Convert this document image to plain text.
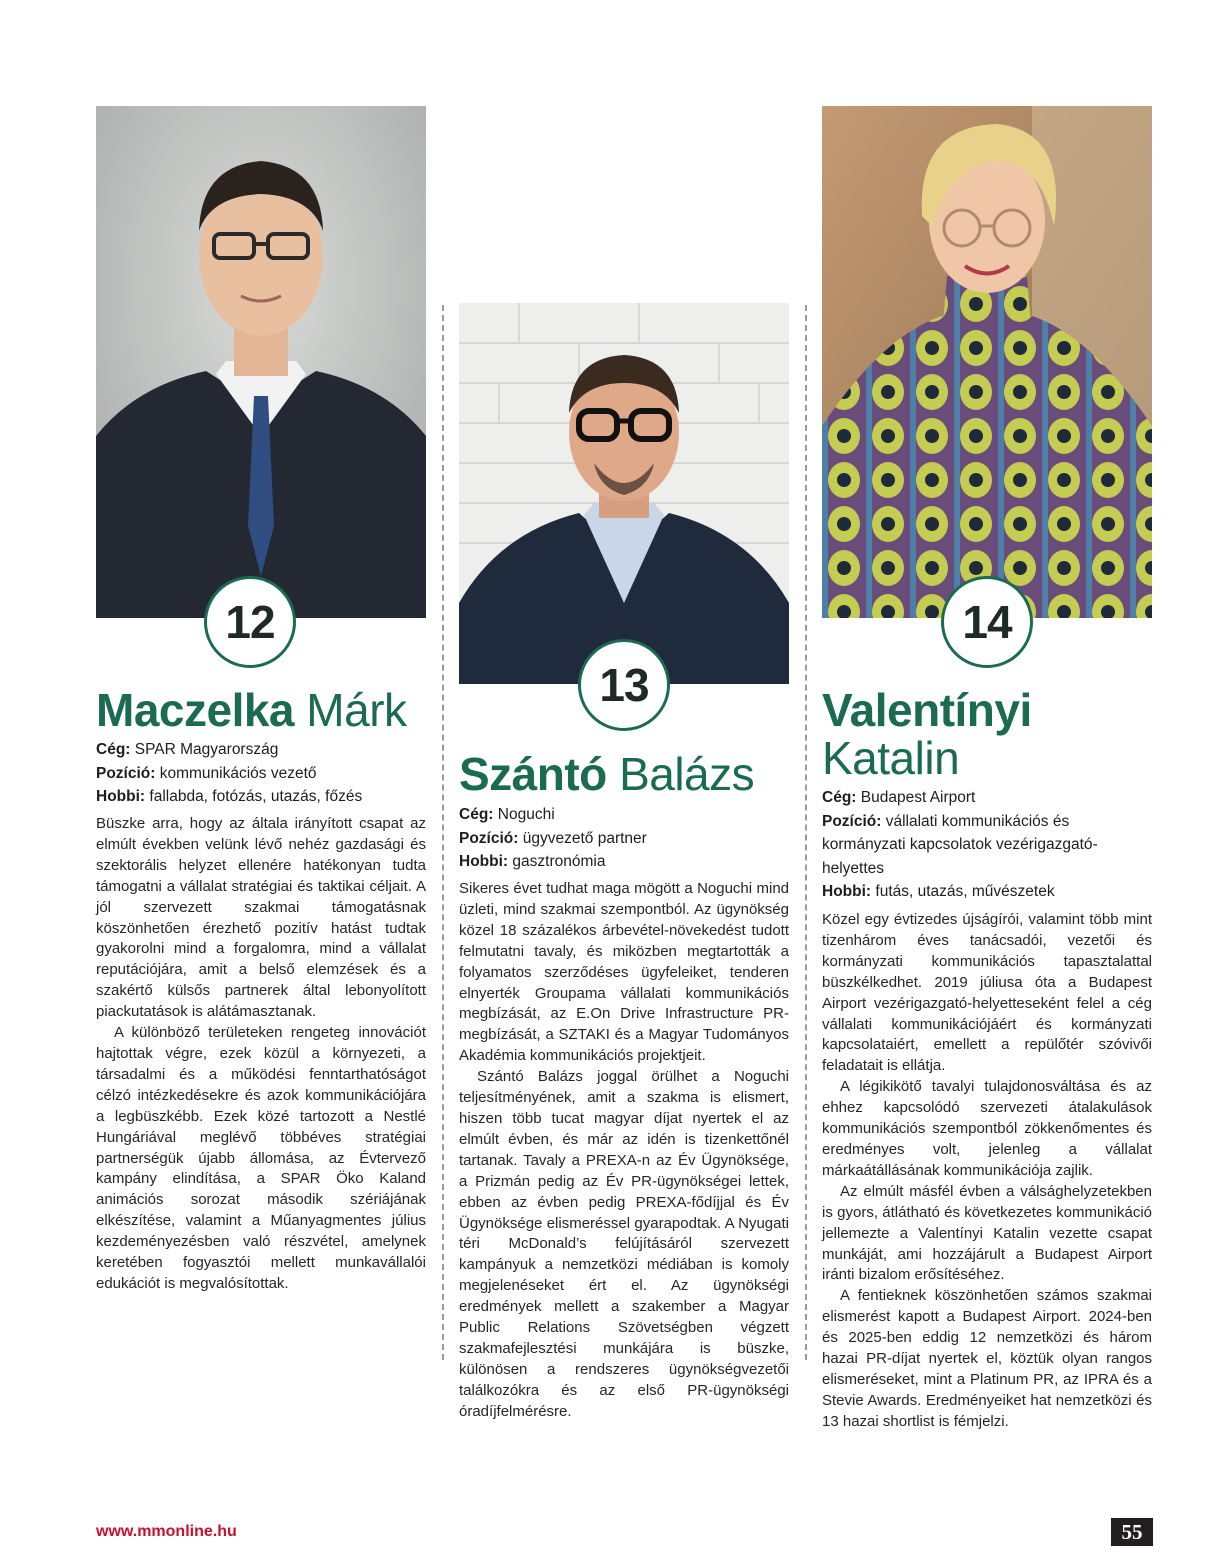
12
Maczelka Márk
Cég: SPAR Magyarország
Pozíció: kommunikációs vezető
Hobbi: fallabda, fotózás, utazás, főzés

Büszke arra, hogy az általa irányított csapat az elmúlt években velünk lévő nehéz gazdasági és szektorális helyzet ellenére hatékonyan tudta támogatni a vállalat stratégiai és taktikai céljait. A jól szervezett szakmai támogatásnak köszönhetően érezhető pozitív hatást tudtak gyakorolni mind a forgalomra, mind a vállalat reputációjára, amit a belső elemzések és a szakértő külsős partnerek által lebonyolított piackutatások is alátámasztanak.

A különböző területeken rengeteg innovációt hajtottak végre, ezek közül a környezeti, a társadalmi és a működési fenntarthatóságot célzó intézkedésekre és azok kommunikációjára a legbüszkébb. Ezek közé tartozott a Nestlé Hungáriával meglévő többéves stratégiai partnerségük újabb állomása, az Évtervező kampány elindítása, a SPAR Öko Kaland animációs sorozat második szériájának elkészítése, valamint a Műanyagmentes július kezdeményezésben való részvétel, amelynek keretében fogyasztói mellett munkavállalói edukációt is megvalósítottak.

13
Szántó Balázs
Cég: Noguchi
Pozíció: ügyvezető partner
Hobbi: gasztronómia

Sikeres évet tudhat maga mögött a Noguchi mind üzleti, mind szakmai szempontból. Az ügynökség közel 18 százalékos árbevétel-növekedést tudott felmutatni tavaly, és miközben megtartották a folyamatos szerződéses ügyfeleiket, tenderen elnyerték Groupama vállalati kommunikációs megbízását, az E.On Drive Infrastructure PR-megbízását, a SZTAKI és a Magyar Tudományos Akadémia kommunikációs projektjeit.

Szántó Balázs joggal örülhet a Noguchi teljesítményének, amit a szakma is elismert, hiszen több tucat magyar díjat nyertek el az elmúlt évben, és már az idén is tizenkettőnél tartanak. Tavaly a PREXA-n az Év Ügynöksége, a Prizmán pedig az Év PR-ügynökségei lettek, ebben az évben pedig PREXA-fődíjjal és Év Ügynöksége elismeréssel gyarapodtak. A Nyugati téri McDonald’s felújításáról szervezett kampányuk a nemzetközi médiában is komoly megjelenéseket ért el. Az ügynökségi eredmények mellett a szakember a Magyar Public Relations Szövetségben végzett szakmafejlesztési munkájára is büszke, különösen a rendszeres ügynökségvezetői találkozókra és az első PR-ügynökségi óradíjfelmérésre.

14
Valentínyi
Katalin
Cég: Budapest Airport
Pozíció: vállalati kommunikációs és kormányzati kapcsolatok vezérigazgató-helyettes
Hobbi: futás, utazás, művészetek

Közel egy évtizedes újságírói, valamint több mint tizenhárom éves tanácsadói, vezetői és kormányzati kommunikációs tapasztalattal büszkélkedhet. 2019 júliusa óta a Budapest Airport vezérigazgató-helyetteseként felel a cég vállalati kommunikációjáért és kormányzati kapcsolataiért, emellett a repülőtér szóvivői feladatait is ellátja.

A légikikötő tavalyi tulajdonosváltása és az ehhez kapcsolódó szervezeti átalakulások kommunikációs szempontból zökkenőmentes és eredményes volt, jelenleg a vállalat márkaátállásának kommunikációja zajlik.

Az elmúlt másfél évben a válsághelyzetekben is gyors, átlátható és következetes kommunikáció jellemezte a Valentínyi Katalin vezette csapat munkáját, ami hozzájárult a Budapest Airport iránti bizalom erősítéséhez.

A fentieknek köszönhetően számos szakmai elismerést kapott a Budapest Airport. 2024-ben és 2025-ben eddig 12 nemzetközi és három hazai PR-díjat nyertek el, köztük olyan rangos elismeréseket, mint a Platinum PR, az IPRA és a Stevie Awards. Eredményeiket hat nemzetközi és 13 hazai shortlist is fémjelzi.

www.mmonline.hu	55
